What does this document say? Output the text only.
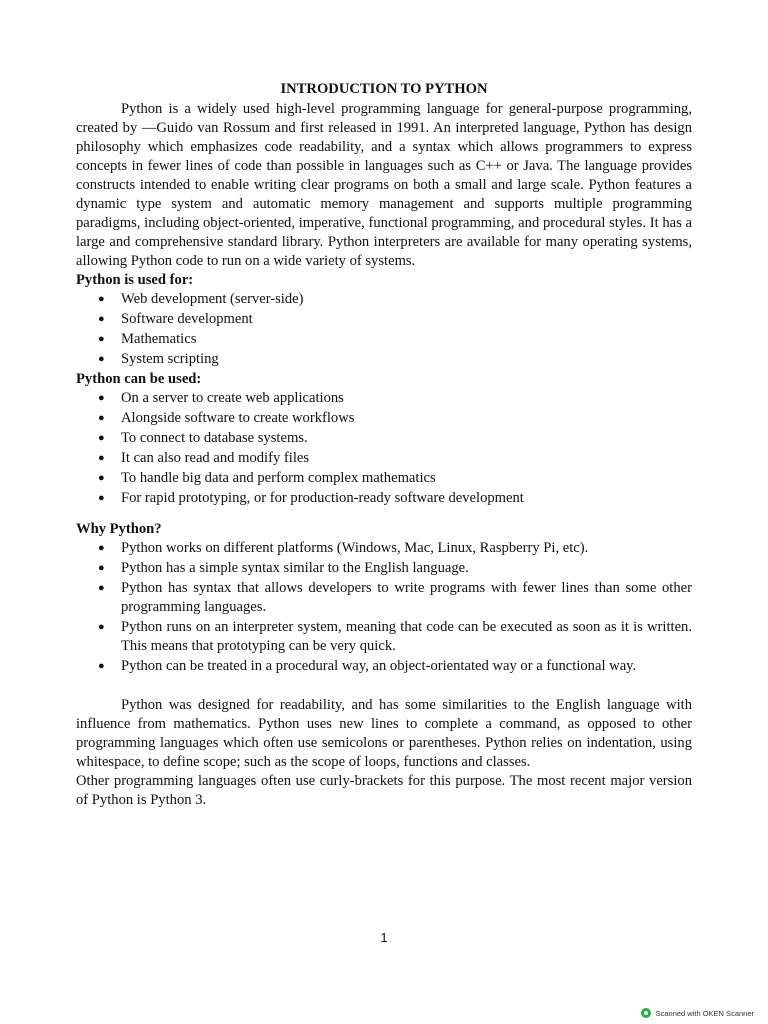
INTRODUCTION TO PYTHON

Python is a widely used high-level programming language for general-purpose programming, created by —Guido van Rossum and first released in 1991. An interpreted language, Python has design philosophy which emphasizes code readability, and a syntax which allows programmers to express concepts in fewer lines of code than possible in languages such as C++ or Java. The language provides constructs intended to enable writing clear programs on both a small and large scale. Python features a dynamic type system and automatic memory management and supports multiple programming paradigms, including object-oriented, imperative, functional programming, and procedural styles. It has a large and comprehensive standard library. Python interpreters are available for many operating systems, allowing Python code to run on a wide variety of systems.

Python is used for:
● Web development (server-side)
● Software development
● Mathematics
● System scripting
Python can be used:
● On a server to create web applications
● Alongside software to create workflows
● To connect to database systems.
● It can also read and modify files
● To handle big data and perform complex mathematics
● For rapid prototyping, or for production-ready software development
Why Python?
● Python works on different platforms (Windows, Mac, Linux, Raspberry Pi, etc).
● Python has a simple syntax similar to the English language.
● Python has syntax that allows developers to write programs with fewer lines than some other programming languages.
● Python runs on an interpreter system, meaning that code can be executed as soon as it is written. This means that prototyping can be very quick.
● Python can be treated in a procedural way, an object-orientated way or a functional way.

Python was designed for readability, and has some similarities to the English language with influence from mathematics. Python uses new lines to complete a command, as opposed to other programming languages which often use semicolons or parentheses. Python relies on indentation, using whitespace, to define scope; such as the scope of loops, functions and classes.

Other programming languages often use curly-brackets for this purpose. The most recent major version of Python is Python 3.

1
Scanned with OKEN Scanner
